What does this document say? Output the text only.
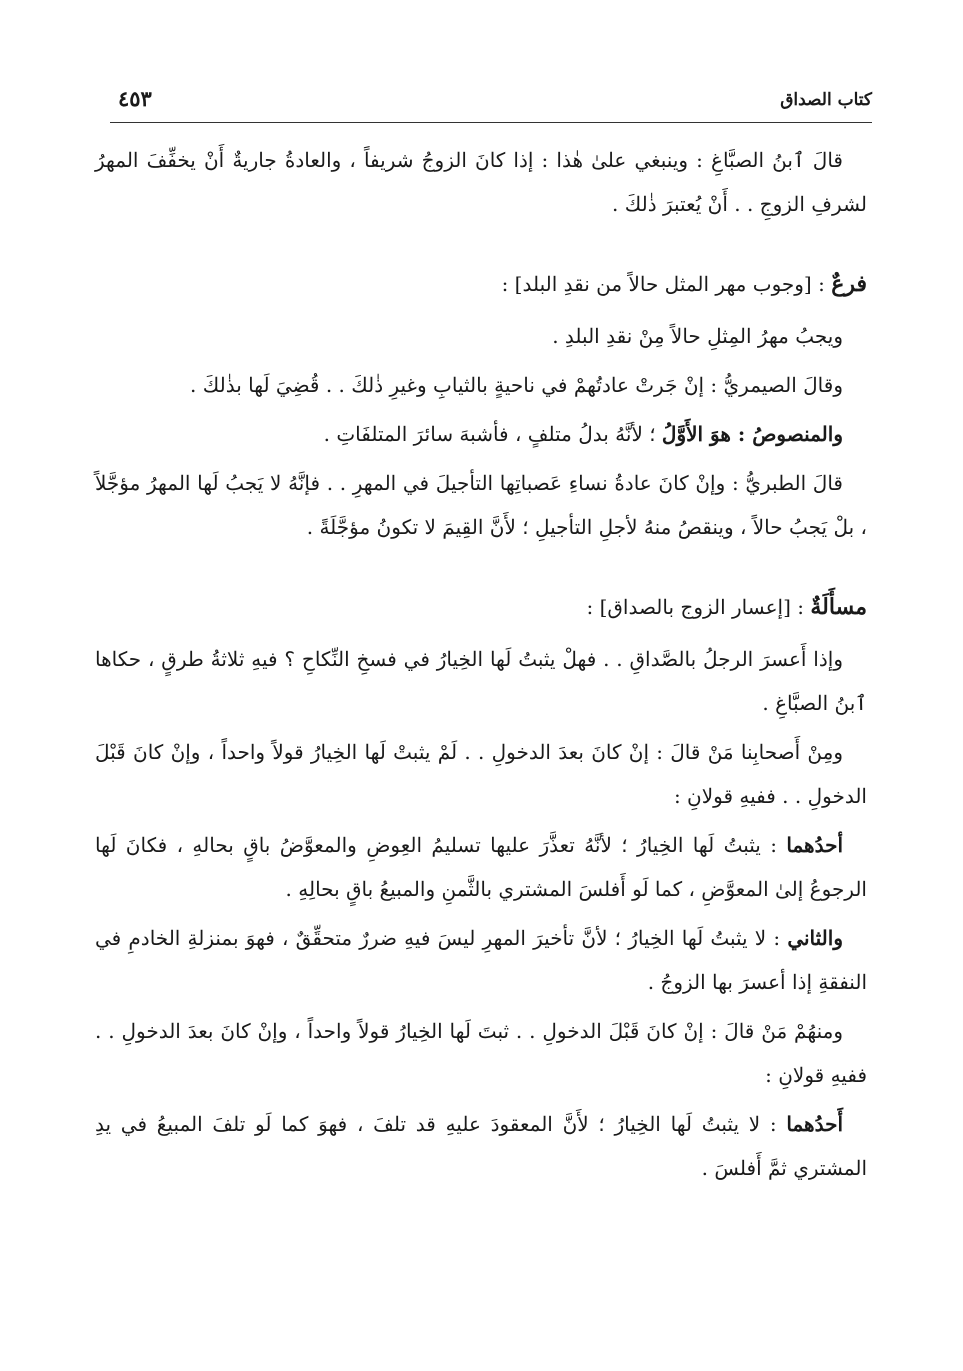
كتاب الصداق
٤٥٣

قالَ ٱبنُ الصبَّاغِ : وينبغي علىٰ هٰذا : إذا كانَ الزوجُ شريفاً ، والعادةُ جاريةٌ أَنْ يخفِّفَ المهرُ لشرفِ الزوجِ . . أَنْ يُعتبرَ ذٰلكَ .

فرعٌ : [وجوب مهر المثل حالاً من نقدِ البلد] :

ويجبُ مهرُ المِثلِ حالاً مِنْ نقدِ البلدِ .

وقالَ الصيمريُّ : إنْ جَرتْ عادتُهمْ في ناحيةٍ بالثيابِ وغيرِ ذٰلكَ . . قُضِيَ لَها بذٰلكَ .

والمنصوصُ : هوَ الأَوَّلُ ؛ لأنَّهُ بدلُ متلفٍ ، فأشبهَ سائرَ المتلفَاتِ .

قالَ الطبريُّ : وإنْ كانَ عادةُ نساءِ عَصباتِها التأجيلَ في المهرِ . . فإنَّهُ لا يَجبُ لَها المهرُ مؤجَّلاً ، بلْ يَجبُ حالاً ، وينقصُ منهُ لأجلِ التأجيلِ ؛ لأَنَّ القِيمَ لا تكونُ مؤجَّلَةً .

مسأَلَةٌ : [إعسار الزوج بالصداق] :

وإذا أَعسرَ الرجلُ بالصَّداقِ . . فهلْ يثبتُ لَها الخِيارُ في فسخِ النِّكاحِ ؟ فيهِ ثلاثةُ طرقٍ ، حكاها ٱبنُ الصبَّاغِ .

ومِنْ أَصحابِنا مَنْ قالَ : إنْ كانَ بعدَ الدخولِ . . لَمْ يثبتْ لَها الخِيارُ قولاً واحداً ، وإنْ كانَ قَبْلَ الدخولِ . . ففيهِ قولانِ :

أحدُهما : يثبتُ لَها الخِيارُ ؛ لأنَّهُ تعذَّرَ عليها تسليمُ العِوضِ والمعوَّضُ باقٍ بحالهِ ، فكانَ لَها الرجوعُ إلىٰ المعوَّضِ ، كما لَو أَفلسَ المشتري بالثَّمنِ والمبيعُ باقٍ بحالِهِ .

والثاني : لا يثبتُ لَها الخِيارُ ؛ لأنَّ تأخيرَ المهرِ ليسَ فيهِ ضررٌ متحقِّقٌ ، فهوَ بمنزلةِ الخادمِ في النفقةِ إذا أعسرَ بها الزوجُ .

ومنهُمْ مَنْ قالَ : إنْ كانَ قَبْلَ الدخولِ . . ثبتَ لَها الخِيارُ قولاً واحداً ، وإنْ كانَ بعدَ الدخولِ . . ففيهِ قولانِ :

أَحدُهما : لا يثبتُ لَها الخِيارُ ؛ لأَنَّ المعقودَ عليهِ قد تلفَ ، فهوَ كما لَو تلفَ المبيعُ في يدِ المشتري ثمَّ أَفلسَ .
